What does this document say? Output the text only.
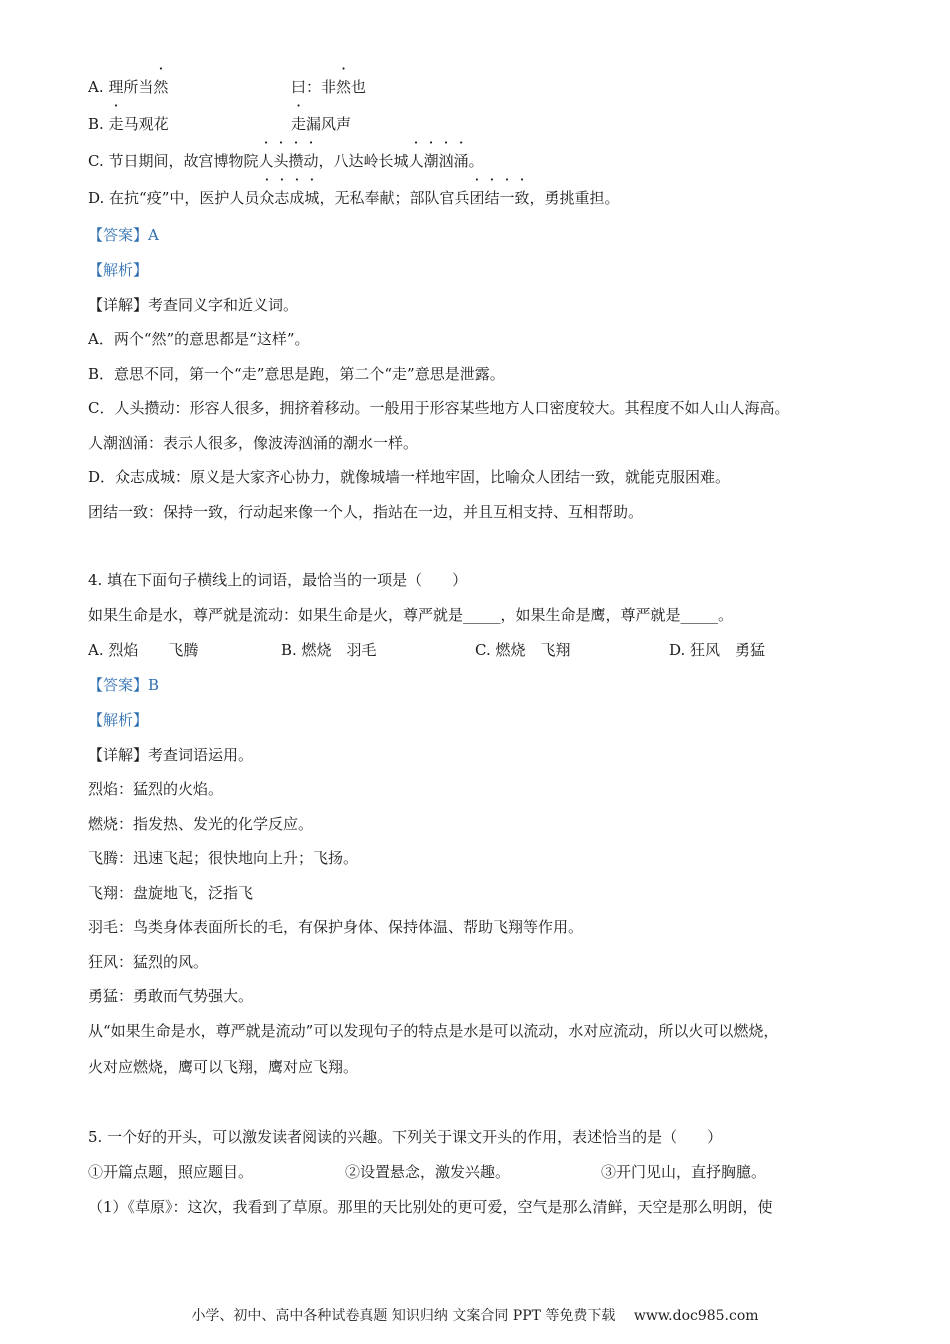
A. 理所当然	曰：非然也
B. 走马观花	走漏风声
C. 节日期间，故宫博物院人头攒动，八达岭长城人潮汹涌。
D. 在抗“疫”中，医护人员众志成城，无私奉献；部队官兵团结一致，勇挑重担。
【答案】A
【解析】
【详解】考查同义字和近义词。
A．两个“然”的意思都是“这样”。
B．意思不同，第一个“走”意思是跑，第二个“走”意思是泄露。
C．人头攒动：形容人很多，拥挤着移动。一般用于形容某些地方人口密度较大。其程度不如人山人海高。
人潮汹涌：表示人很多，像波涛汹涌的潮水一样。
D．众志成城：原义是大家齐心协力，就像城墙一样地牢固，比喻众人团结一致，就能克服困难。
团结一致：保持一致，行动起来像一个人，指站在一边，并且互相支持、互相帮助。
4. 填在下面句子横线上的词语，最恰当的一项是（　　）
如果生命是水，尊严就是流动：如果生命是火，尊严就是_____，如果生命是鹰，尊严就是_____。
A. 烈焰　　飞腾	B. 燃烧　羽毛	C. 燃烧　飞翔	D. 狂风　勇猛
【答案】B
【解析】
【详解】考查词语运用。
烈焰：猛烈的火焰。
燃烧：指发热、发光的化学反应。
飞腾：迅速飞起；很快地向上升；飞扬。
飞翔：盘旋地飞，泛指飞
羽毛：鸟类身体表面所长的毛，有保护身体、保持体温、帮助飞翔等作用。
狂风：猛烈的风。
勇猛：勇敢而气势强大。
从“如果生命是水，尊严就是流动”可以发现句子的特点是水是可以流动，水对应流动，所以火可以燃烧，
火对应燃烧，鹰可以飞翔，鹰对应飞翔。
5. 一个好的开头，可以激发读者阅读的兴趣。下列关于课文开头的作用，表述恰当的是（　　）
①开篇点题，照应题目。	②设置悬念，激发兴趣。	③开门见山，直抒胸臆。
（1）《草原》：这次，我看到了草原。那里的天比别处的更可爱，空气是那么清鲜，天空是那么明朗，使
小学、初中、高中各种试卷真题 知识归纳 文案合同 PPT 等免费下载　 www.doc985.com
